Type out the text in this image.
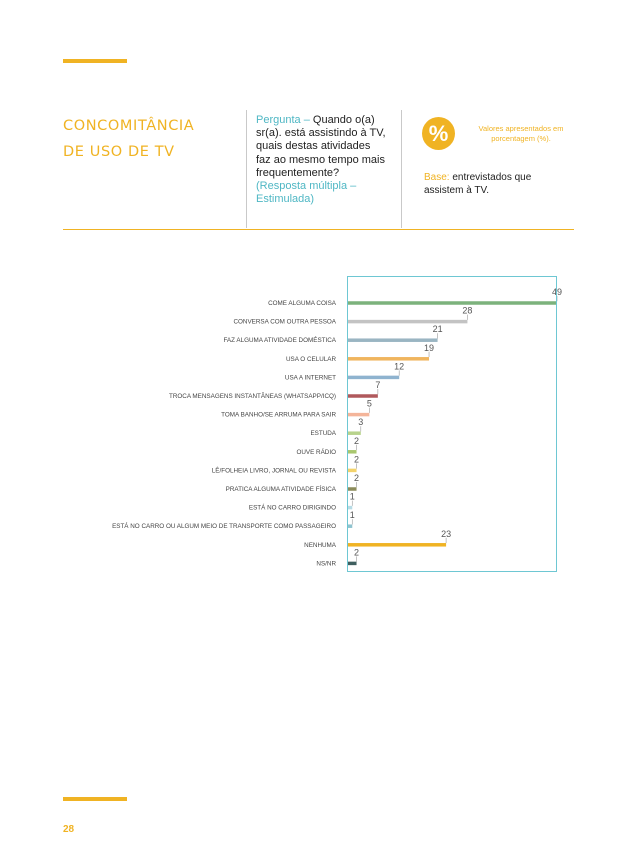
CONCOMITÂNCIA
DE USO DE TV
Pergunta – Quando o(a) sr(a). está assistindo à TV, quais destas atividades faz ao mesmo tempo mais frequentemente? (Resposta múltipla – Estimulada)
%	Valores apresentados em porcentagem (%).
Base: entrevistados que assistem à TV.
COME ALGUMA COISA
49
CONVERSA COM OUTRA PESSOA
28
FAZ ALGUMA ATIVIDADE DOMÉSTICA
21
USA O CELULAR
19
USA A INTERNET
12
TROCA MENSAGENS INSTANTÂNEAS (WHATSAPP/ICQ)
7
TOMA BANHO/SE ARRUMA PARA SAIR
5
ESTUDA
3
OUVE RÁDIO
2
LÊ/FOLHEIA LIVRO, JORNAL OU REVISTA
2
PRATICA ALGUMA ATIVIDADE FÍSICA
2
ESTÁ NO CARRO DIRIGINDO
1
ESTÁ NO CARRO OU ALGUM MEIO DE TRANSPORTE COMO PASSAGEIRO
1
NENHUMA
23
NS/NR
2
28
